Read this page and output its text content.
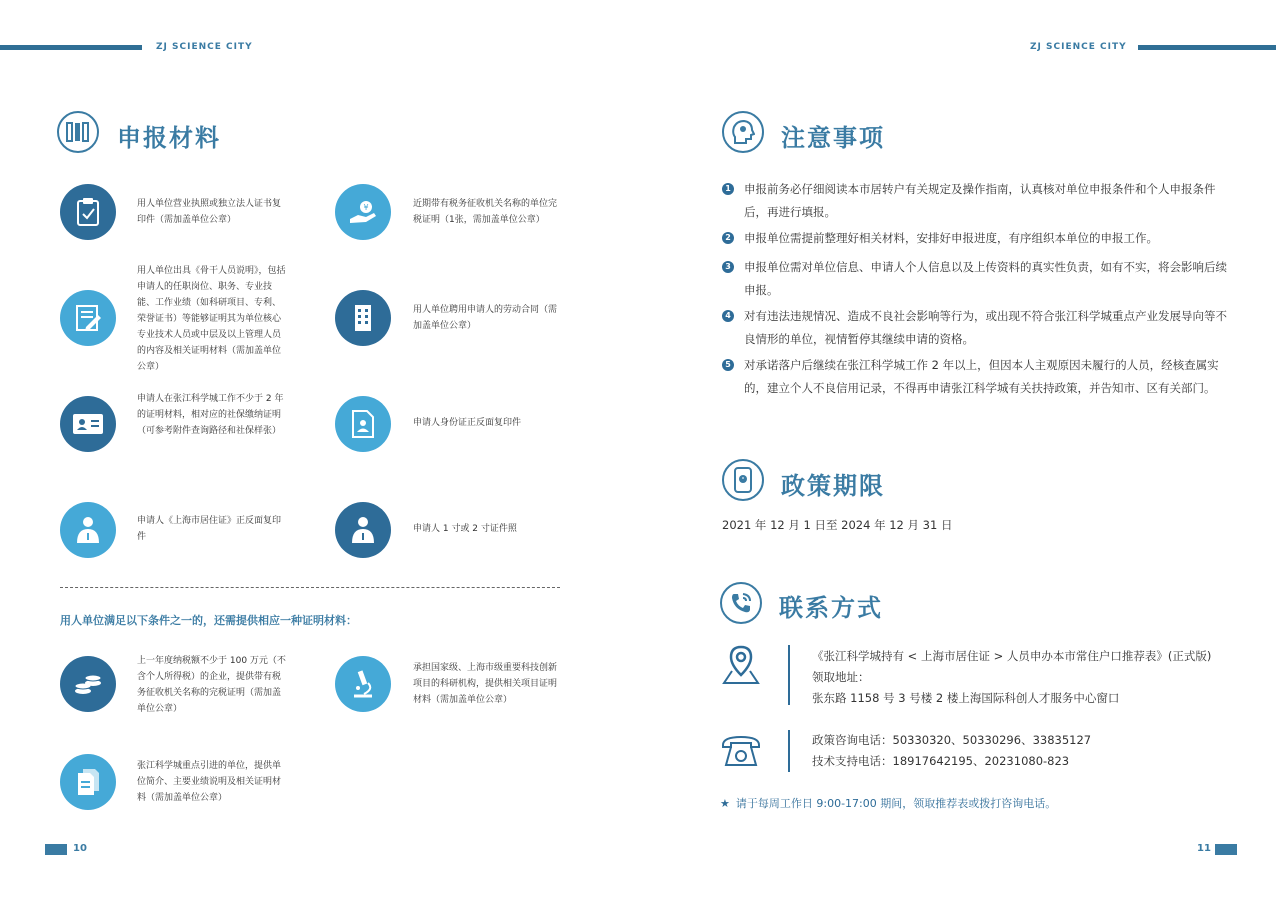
ZJ SCIENCE CITY	ZJ SCIENCE CITY
申报材料
用人单位营业执照或独立法人证书复印件（需加盖单位公章）
¥	近期带有税务征收机关名称的单位完税证明（1张，需加盖单位公章）
用人单位出具《骨干人员说明》，包括申请人的任职岗位、职务、专业技能、工作业绩（如科研项目、专利、荣誉证书）等能够证明其为单位核心专业技术人员或中层及以上管理人员的内容及相关证明材料（需加盖单位公章）
用人单位聘用申请人的劳动合同（需加盖单位公章）
申请人在张江科学城工作不少于 2 年的证明材料，相对应的社保缴纳证明（可参考附件查询路径和社保样张）
申请人身份证正反面复印件
申请人《上海市居住证》正反面复印件
申请人 1 寸或 2 寸证件照
用人单位满足以下条件之一的，还需提供相应一种证明材料：
上一年度纳税额不少于 100 万元（不含个人所得税）的企业，提供带有税务征收机关名称的完税证明（需加盖单位公章）
承担国家级、上海市级重要科技创新项目的科研机构，提供相关项目证明材料（需加盖单位公章）
张江科学城重点引进的单位，提供单位简介、主要业绩说明及相关证明材料（需加盖单位公章）
10
注意事项
1	申报前务必仔细阅读本市居转户有关规定及操作指南，认真核对单位申报条件和个人申报条件后，再进行填报。
2	申报单位需提前整理好相关材料，安排好申报进度，有序组织本单位的申报工作。
3	申报单位需对单位信息、申请人个人信息以及上传资料的真实性负责，如有不实，将会影响后续申报。
4	对有违法违规情况、造成不良社会影响等行为，或出现不符合张江科学城重点产业发展导向等不良情形的单位，视情暂停其继续申请的资格。
5	对承诺落户后继续在张江科学城工作 2 年以上，但因本人主观原因未履行的人员，经核查属实的，建立个人不良信用记录，不得再申请张江科学城有关扶持政策，并告知市、区有关部门。
政策期限
2021 年 12 月 1 日至 2024 年 12 月 31 日
联系方式
《张江科学城持有 < 上海市居住证 > 人员申办本市常住户口推荐表》(正式版)
领取地址：
张东路 1158 号 3 号楼 2 楼上海国际科创人才服务中心窗口
政策咨询电话：50330320、50330296、33835127
技术支持电话：18917642195、20231080-823
★ 请于每周工作日 9:00-17:00 期间，领取推荐表或拨打咨询电话。
11
